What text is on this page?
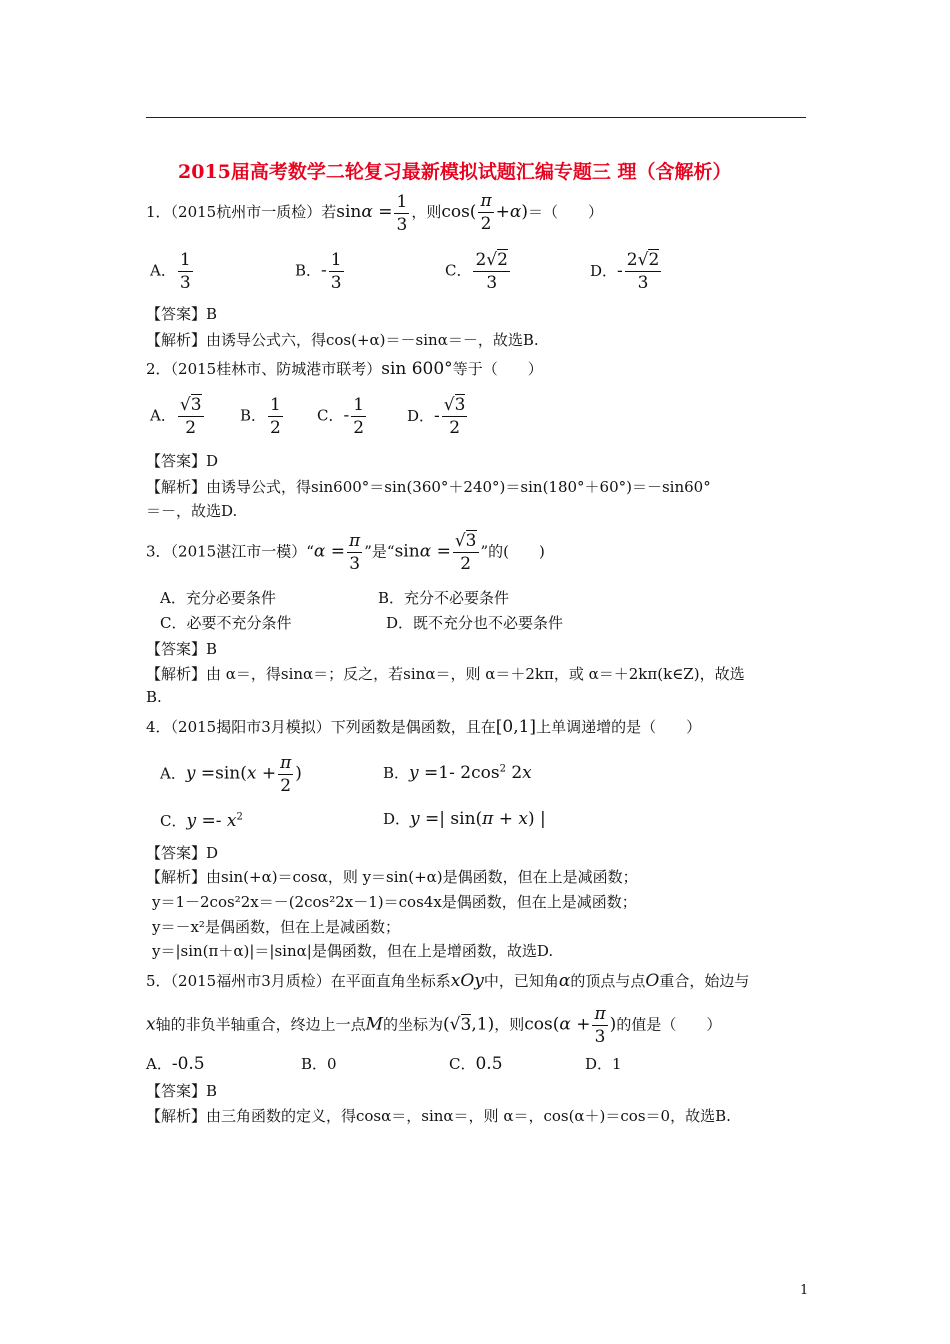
2015届高考数学二轮复习最新模拟试题汇编专题三 理（含解析）
1．（2015杭州市一质检）若$\sin\alpha = \frac{1}{3}$ ，则$\cos( \frac{\pi}{2} +\alpha)=$（　　）
A． $\frac{1}{3}$	B．- $\frac{1}{3}$	C． $\frac{2√2}{3}$	D．- $\frac{2√2}{3}$
【答案】B
【解析】由诱导公式六，得cos(+α)＝－sinα＝－，故选B.
2．（2015桂林市、防城港市联考）sin 600°等于（　　）
A． $\frac{√3}{2}$ B． $\frac{1}{2}$ C．- $\frac{1}{2}$	D．- $\frac{√3}{2}$
【答案】D
【解析】由诱导公式，得sin600°＝sin(360°＋240°)＝sin(180°＋60°)＝－sin60°
＝－，故选D.
3．（2015湛江市一模）“α = $\frac{\pi}{3}$ ”是“$\sin\alpha = \frac{√3}{2}$ ”的(　　)
A．充分必要条件	B．充分不必要条件
C．必要不充分条件	D．既不充分也不必要条件
【答案】B
【解析】由 α＝，得sinα＝；反之，若sinα＝，则 α＝＋2kπ，或 α＝＋2kπ(k∈Z)，故选
B.
4．（2015揭阳市3月模拟）下列函数是偶函数，且在[0,1]上单调递增的是（　　）
A．$y =\sin(x + \frac{\pi}{2}$ )	B．y =1- $2\cos^2$ 2x
C．$y =- x^2$	D．y =| sin(π + x) |
【答案】D
【解析】由sin(+α)＝cosα，则 y＝sin(+α)是偶函数，但在上是减函数；
y＝1－2cos²2x＝－(2cos²2x－1)＝cos4x是偶函数，但在上是减函数；
y＝－x²是偶函数，但在上是减函数；
y＝|sin(π＋α)|＝|sinα|是偶函数，但在上是增函数，故选D.
5．（2015福州市3月质检）在平面直角坐标系xOy中，已知角α的顶点与点O重合，始边与
x轴的非负半轴重合，终边上一点M的坐标为(√3,1)，则$\cos(\alpha + \frac{\pi}{3}$ )的值是（　　）
A．-0.5	B．0	C．0.5	D．1
【答案】B
【解析】由三角函数的定义，得cosα＝，sinα＝，则 α＝，cos(α＋)＝cos＝0，故选B.
1
